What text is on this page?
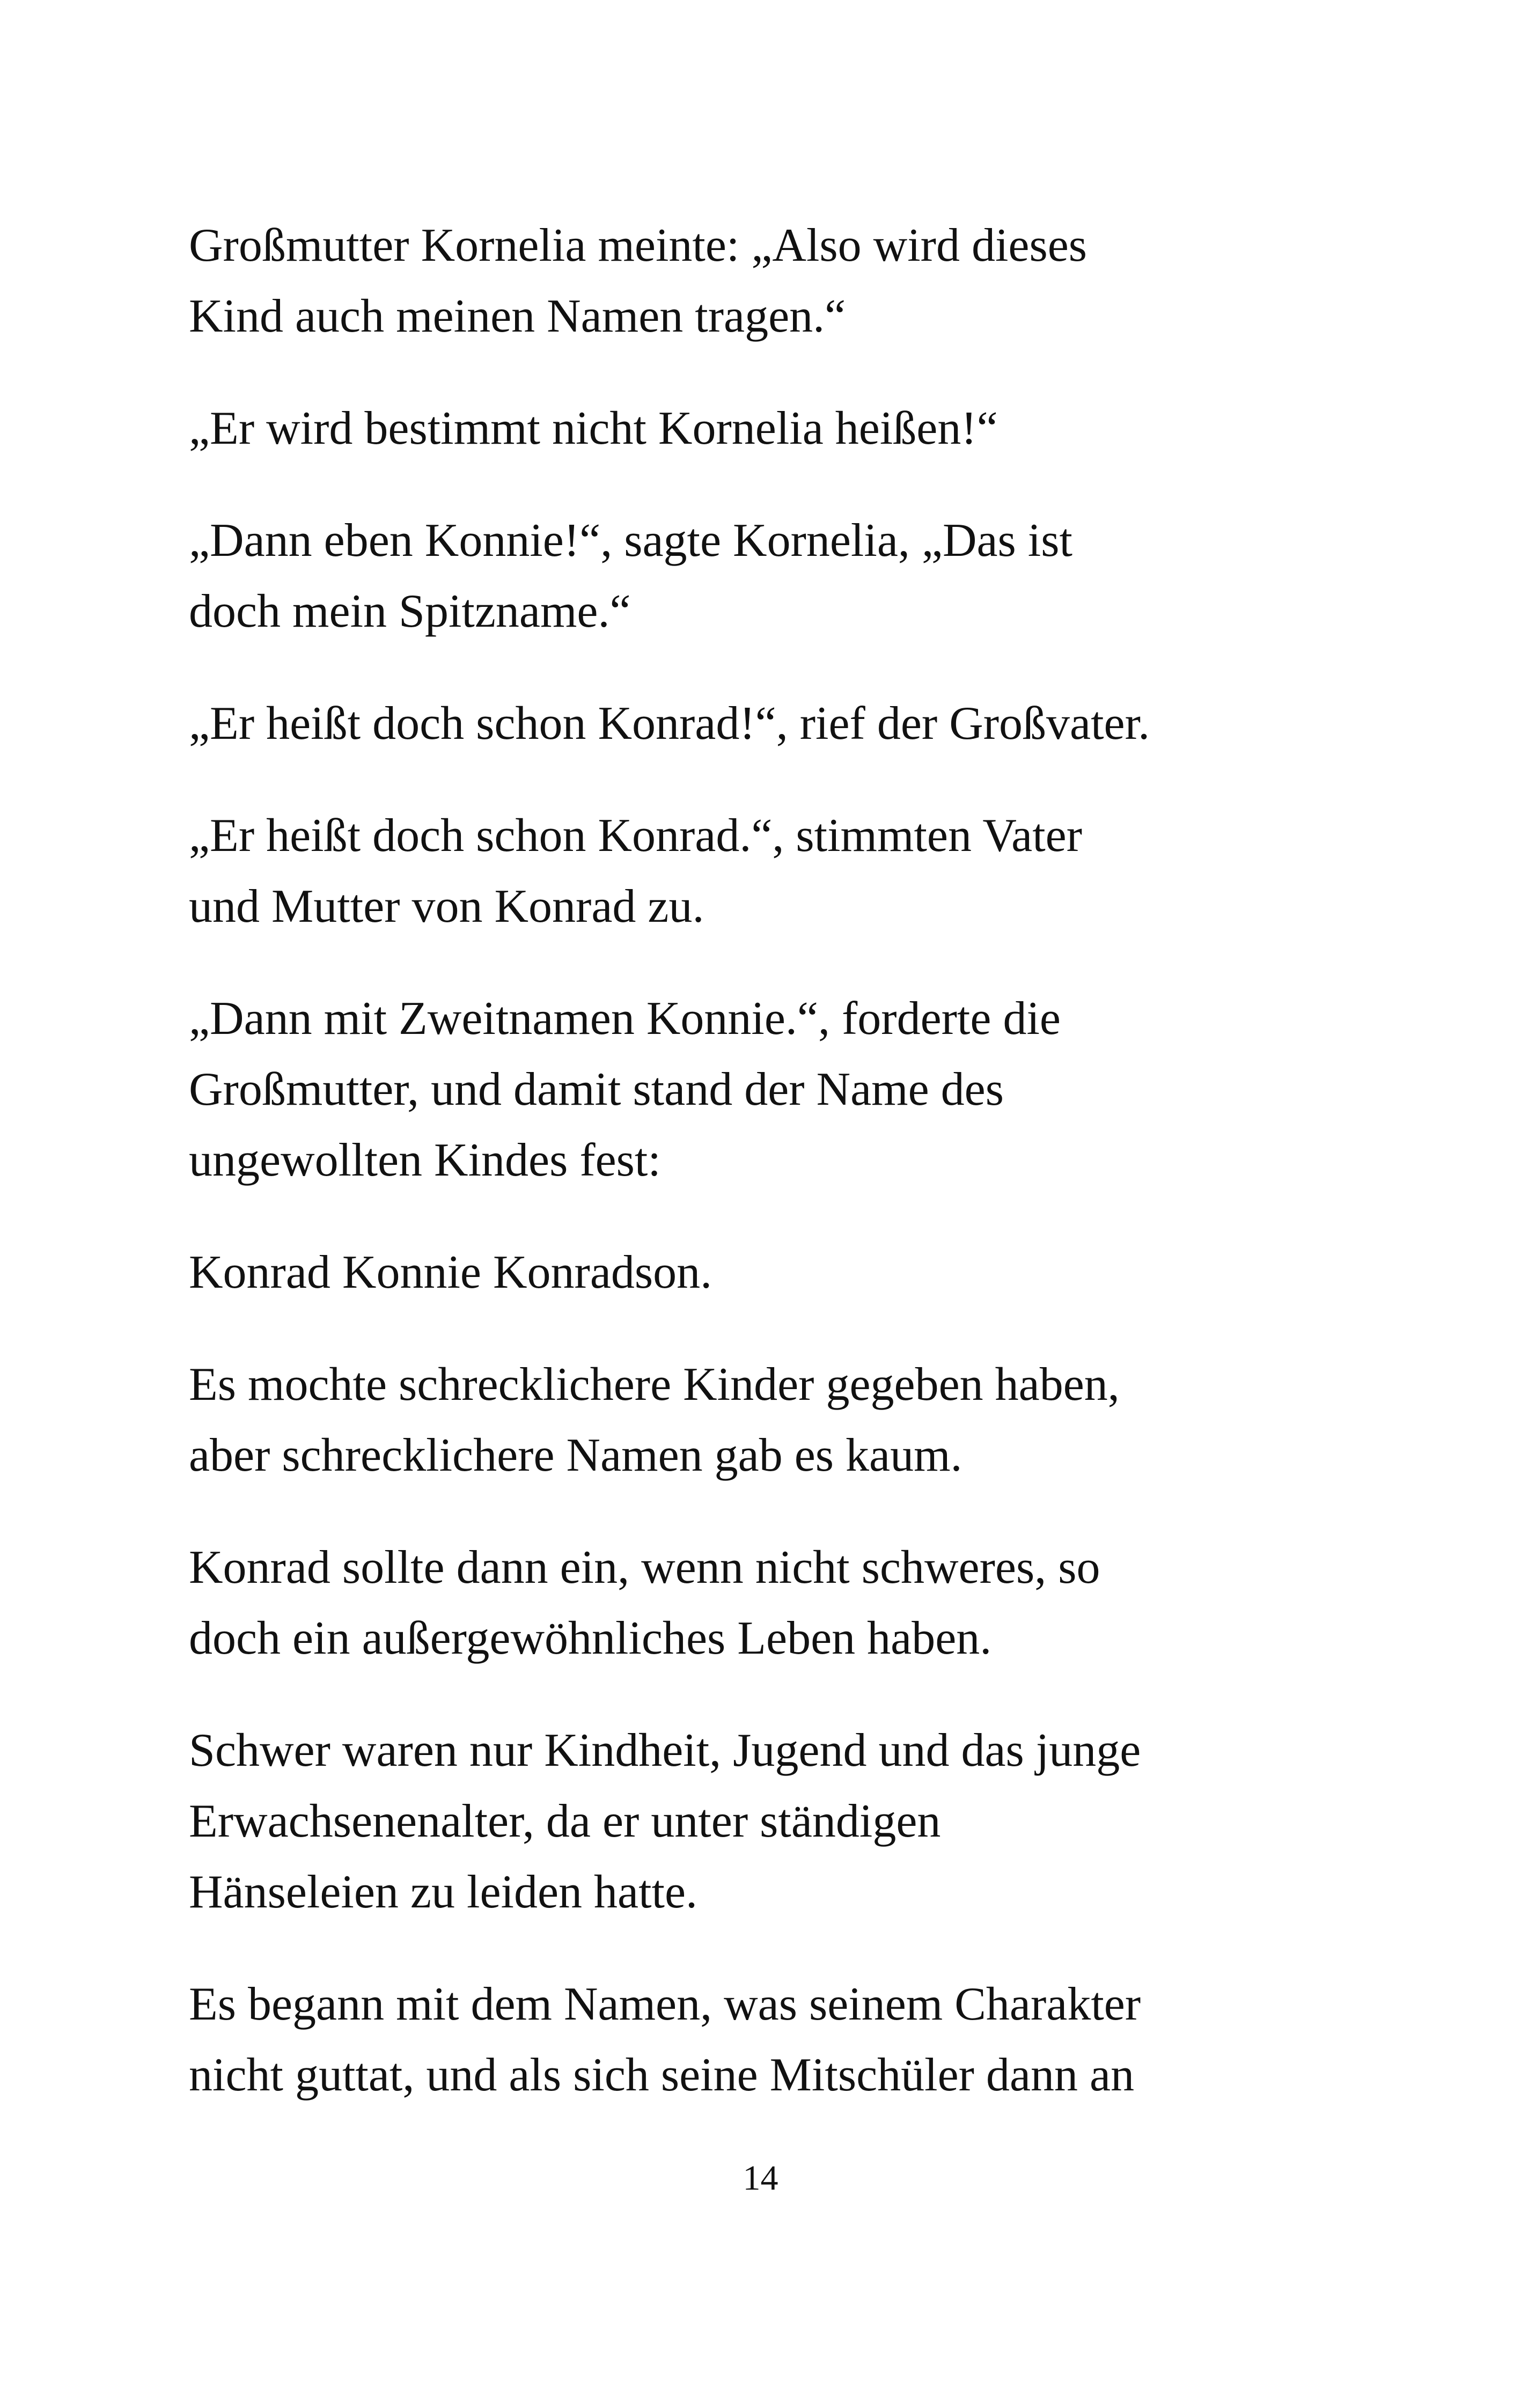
Großmutter Kornelia meinte: „Also wird dieses
Kind auch meinen Namen tragen.“

„Er wird bestimmt nicht Kornelia heißen!“

„Dann eben Konnie!“, sagte Kornelia, „Das ist
doch mein Spitzname.“

„Er heißt doch schon Konrad!“, rief der Großvater.

„Er heißt doch schon Konrad.“, stimmten Vater
und Mutter von Konrad zu.

„Dann mit Zweitnamen Konnie.“, forderte die
Großmutter, und damit stand der Name des
ungewollten Kindes fest:

Konrad Konnie Konradson.

Es mochte schrecklichere Kinder gegeben haben,
aber schrecklichere Namen gab es kaum.

Konrad sollte dann ein, wenn nicht schweres, so
doch ein außergewöhnliches Leben haben.

Schwer waren nur Kindheit, Jugend und das junge
Erwachsenenalter, da er unter ständigen
Hänseleien zu leiden hatte.

Es begann mit dem Namen, was seinem Charakter
nicht guttat, und als sich seine Mitschüler dann an

14
